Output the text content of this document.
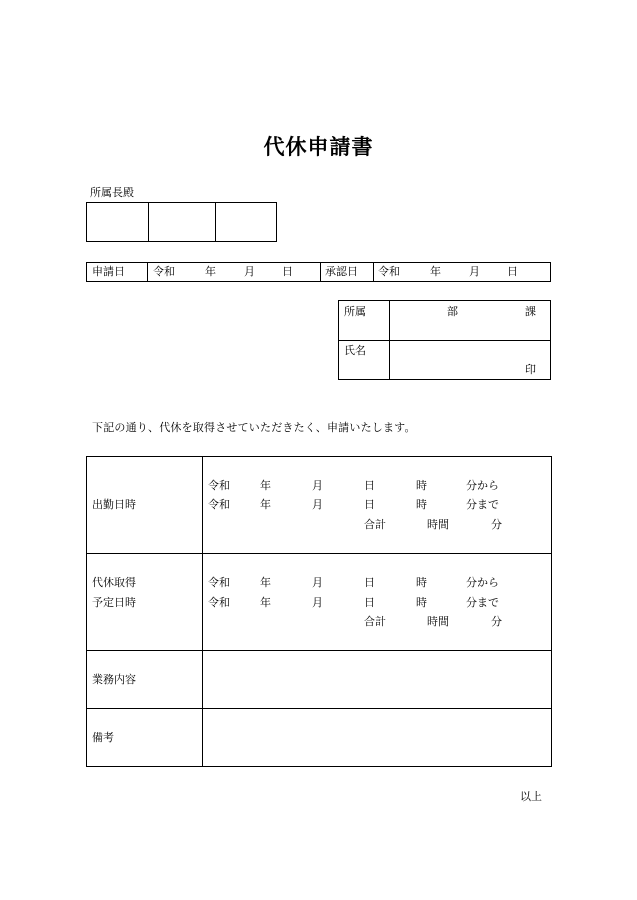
代休申請書
所属長殿
申請日	令和	年	月 日	承認日 令和	年	月 日
所属	部	課
氏名
印
下記の通り、代休を取得させていただきたく、申請いたします。
出勤日時
令和	年	月	日	時	分から
令和	年	月	日	時	分まで
合計	時間	分
代休取得
予定日時
令和	年	月	日	時	分から
令和	年	月	日	時	分まで
合計	時間	分
業務内容
備考
以上
